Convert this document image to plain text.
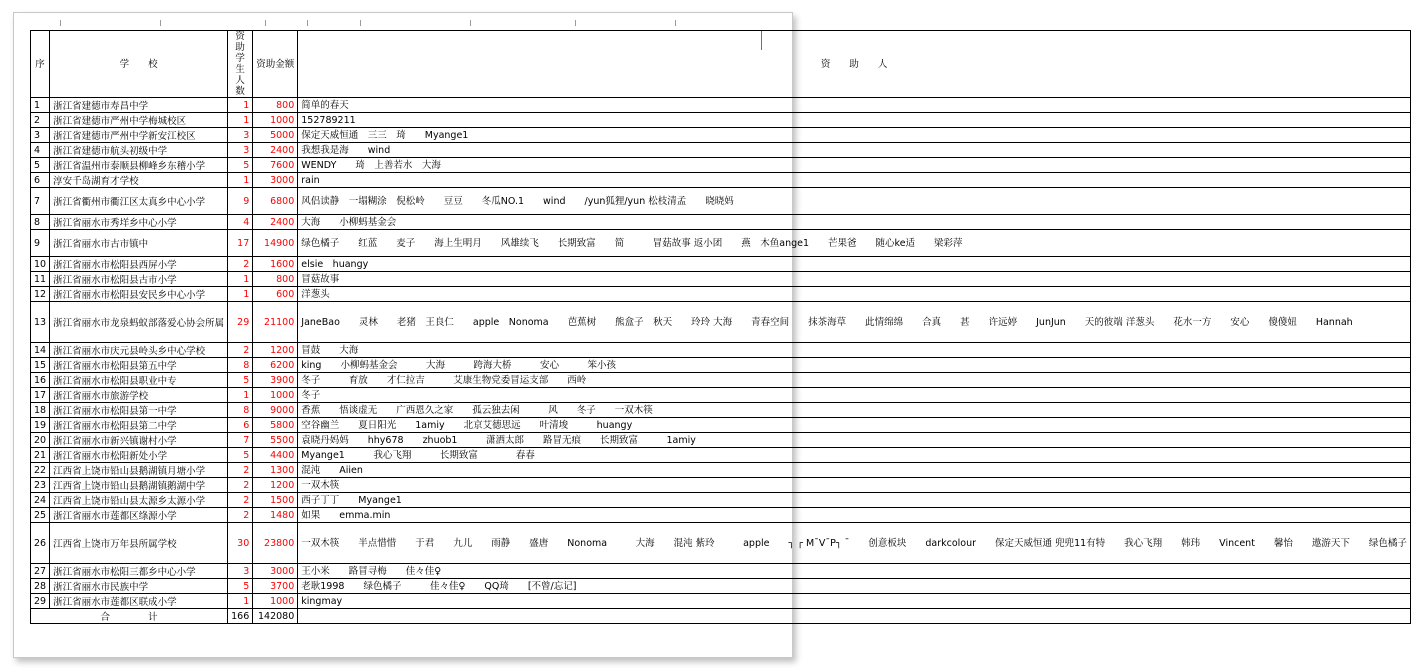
序	学　　校	资助学生人数	资助金额	资　　助　　人
1	浙江省建德市寿昌中学	1	800	简单的春天
2	浙江省建德市严州中学梅城校区	1	1000	152789211
3	浙江省建德市严州中学新安江校区	3	5000	保定天威恒通　三三　琦　　Myange1
4	浙江省建德市航头初级中学	3	2400	我想我是海　　wind
5	浙江省温州市泰顺县柳峰乡东稽小学	5	7600	WENDY　　琦　上善若水　大海
6	淳安千岛湖育才学校	1	3000	rain
7	浙江省衢州市衢江区太真乡中心小学	9	6800	风侣读静　一塌糊涂　倪松岭　　豆豆　　冬瓜NO.1　　wind　　/yun狐狸/yun 松枝清孟　　晓晓妈
8	浙江省丽水市秀垟乡中心小学	4	2400	大海　　小柳蚂基金会
9	浙江省丽水市古市镇中	17	14900	绿色橘子　　红蓝　　麦子　　海上生明月　　风雄续飞　　长期致富　　简　　　冒菇故事 返小团　　燕　木鱼ange1　　芒果爸　　随心ke适　　梁彩萍
10	浙江省丽水市松阳县西屏小学	2	1600	elsie　huangy
11	浙江省丽水市松阳县古市小学	1	800	冒菇故事
12	浙江省丽水市松阳县安民乡中心小学	1	600	洋葱头
13	浙江省丽水市龙泉蚂蚁部落爱心协会所属	29	21100	JaneBao　　灵林　　老猪　王良仁　　apple　Nonoma　　芭蕉树　　熊盒子　秋天　　玲玲 大海　　青春空间　　抹茶海草　　此情绵绵　　合真　　甚　　许远婷　　JunJun　　天的彼端 洋葱头　　花水一方　　安心　　傻傻妞　　Hannah
14	浙江省丽水市庆元县岭头乡中心学校	2	1200	冒鼓　　大海
15	浙江省丽水市松阳县第五中学	8	6200	king　　小柳蚂基金会　　　大海　　　跨海大桥　　　安心　　　笨小孩
16	浙江省丽水市松阳县职业中专	5	3900	冬子　　　育放　　才仁拉吉　　　艾康生物党委冒运支部　　西岭
17	浙江省丽水市旅游学校	1	1000	冬子
18	浙江省丽水市松阳县第一中学	8	9000	香蕉　　悟谈虚无　　广西恩久之家　　孤云独去闲　　　风　　冬子　　一双木筷
19	浙江省丽水市松阳县第二中学	6	5800	空谷幽兰　　夏日阳光　　1amiy　　北京艾德思远　　叶清埈　　　huangy
20	浙江省丽水市新兴镇谢村小学	7	5500	袁晓丹妈妈　　hhy678　　zhuob1　　　潇洒太郎　　路冒无痕　　长期致富　　　1amiy
21	浙江省丽水市松阳新处小学	5	4400	Myange1　　　我心飞翔　　　长期致富　　　　春春
22	江西省上饶市铅山县鹅湖镇月塘小学	2	1300	混沌　　Aiien
23	江西省上饶市铅山县鹅湖镇鹅湖中学	2	1200	一双木筷
24	江西省上饶市铅山县太源乡太源小学	2	1500	西子丁丁　　Myange1
25	浙江省丽水市莲都区绦源小学	2	1480	如果　　emma.min
26	江西省上饶市万年县所属学校	30	23800	一双木筷　　半点惜惜　　于君　　九儿　　雨静　　盛唐　　Nonoma　　　大海　　混沌 紫玲　　　apple　　┐ ┌ M¯V¯P┐ ¯　　创意板块　　darkcolour　　保定天威恒通 兜兜11有特　　我心飞翔　　韩玮　　Vincent　　馨怡　　遨游天下　　绿色橘子
27	浙江省丽水市松阳三都乡中心小学	3	3000	王小米　　路冒寻梅　　佳々佳♀
28	浙江省丽水市民族中学	5	3700	老耿1998　　绿色橘子　　　佳々佳♀　　QQ琦　　[不曾/忘记]
29	浙江省丽水市莲都区联成小学	1	1000	kingmay
合　　　　计		166	142080	
